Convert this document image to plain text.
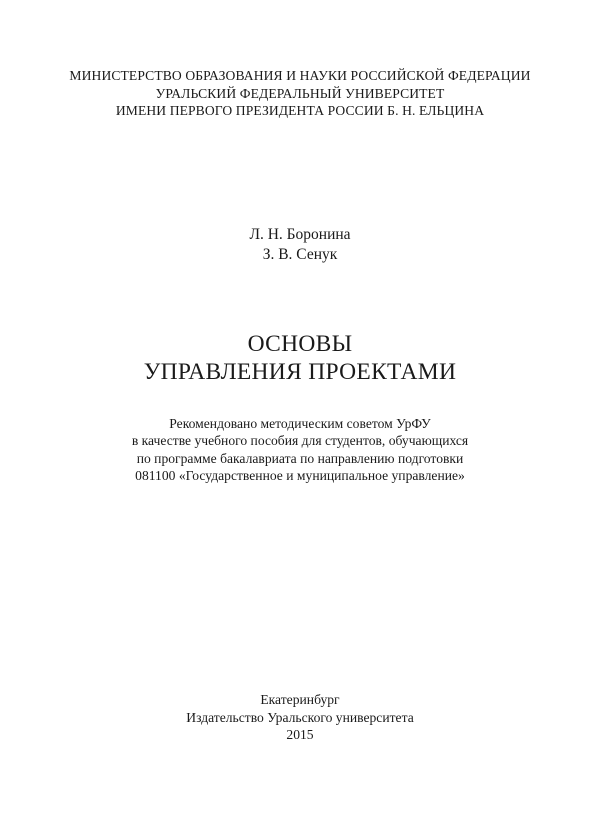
МИНИСТЕРСТВО ОБРАЗОВАНИЯ И НАУКИ РОССИЙСКОЙ ФЕДЕРАЦИИ
УРАЛЬСКИЙ ФЕДЕРАЛЬНЫЙ УНИВЕРСИТЕТ
ИМЕНИ ПЕРВОГО ПРЕЗИДЕНТА РОССИИ Б. Н. ЕЛЬЦИНА
Л. Н. Боронина
З. В. Сенук
ОСНОВЫ
УПРАВЛЕНИЯ ПРОЕКТАМИ
Рекомендовано методическим советом УрФУ
в качестве учебного пособия для студентов, обучающихся
по программе бакалавриата по направлению подготовки
081100 «Государственное и муниципальное управление»
Екатеринбург
Издательство Уральского университета
2015
